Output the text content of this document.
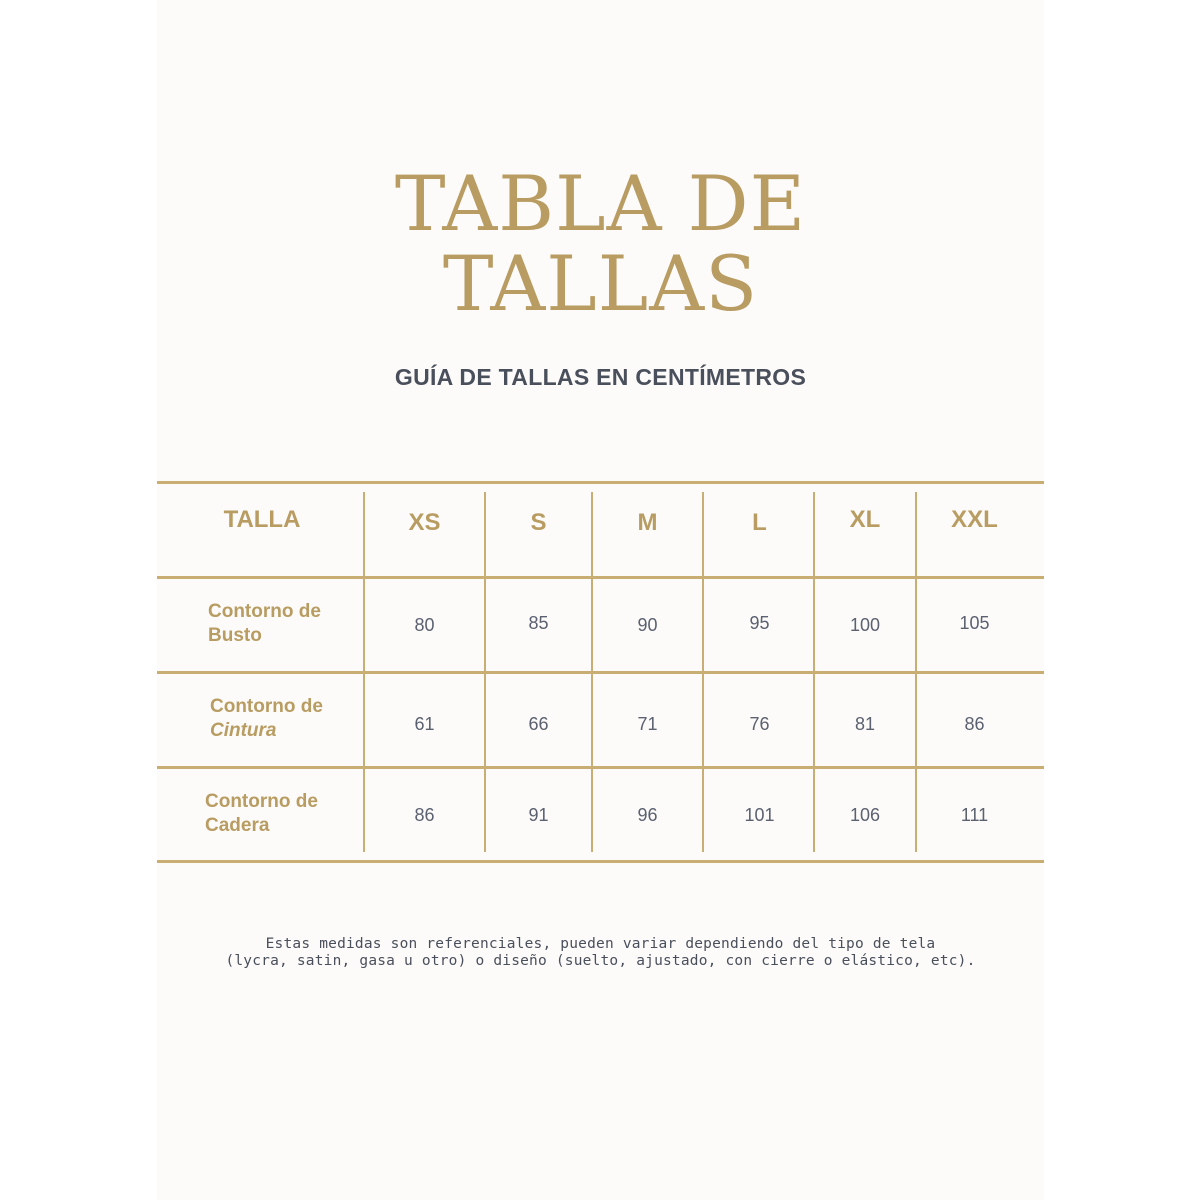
TABLA DE
TALLAS
GUÍA DE TALLAS EN CENTÍMETROS
TALLA	XS	S	M	L	XL	XXL
Contorno de
Busto	80	85	90	95	100	105
Contorno de
Cintura	61	66	71	76	81	86
Contorno de
Cadera	86	91	96	101	106	111
Estas medidas son referenciales, pueden variar dependiendo del tipo de tela
(lycra, satin, gasa u otro) o diseño (suelto, ajustado, con cierre o elástico, etc).
